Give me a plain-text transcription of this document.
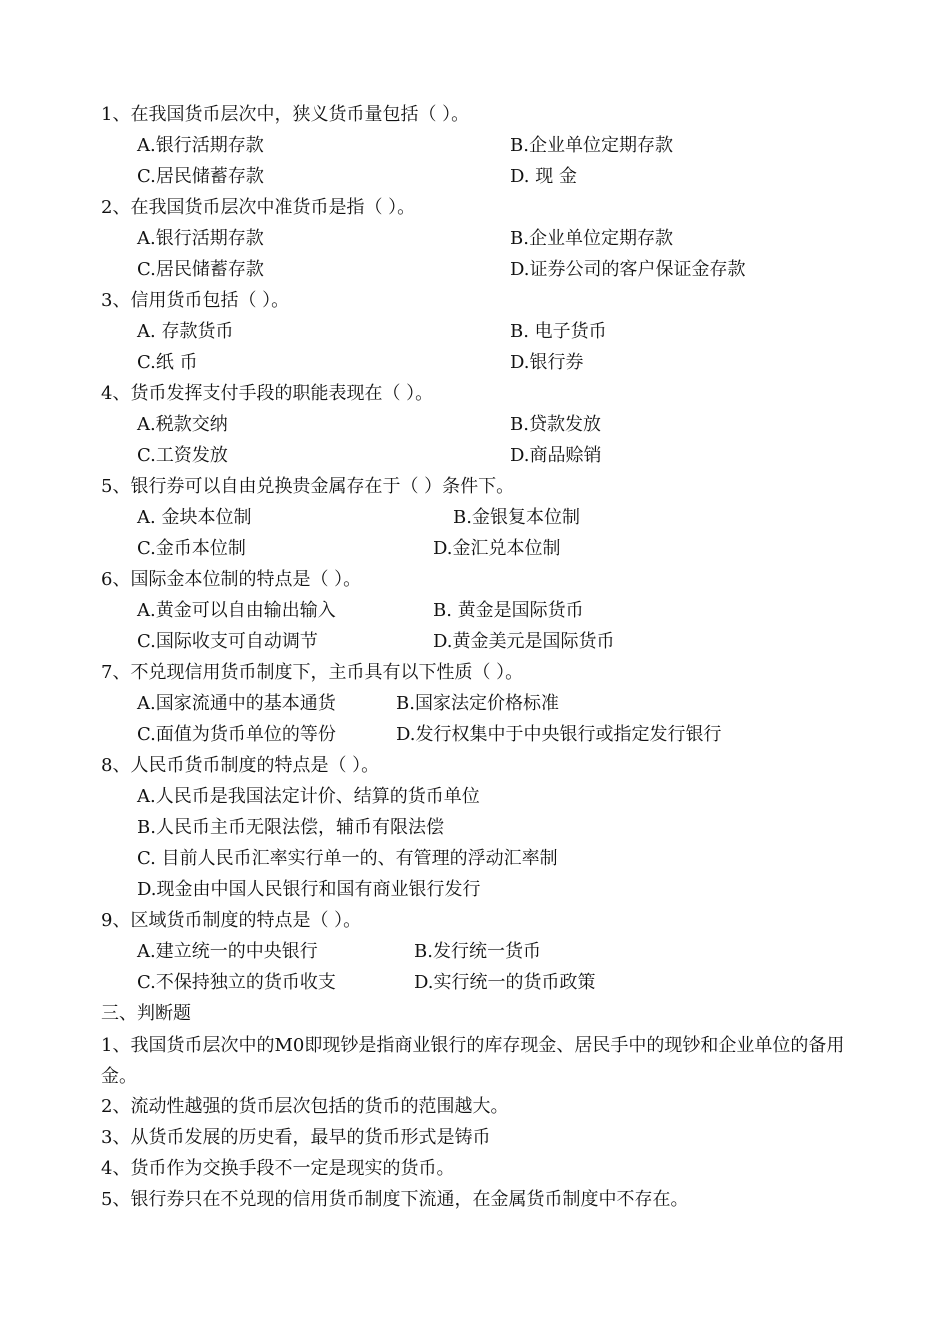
1、在我国货币层次中，狭义货币量包括（ ）。
A.银行活期存款	B.企业单位定期存款
C.居民储蓄存款	D. 现 金
2、在我国货币层次中准货币是指（ ）。
A.银行活期存款	B.企业单位定期存款
C.居民储蓄存款	D.证券公司的客户保证金存款
3、信用货币包括（ ）。
A. 存款货币	B. 电子货币
C.纸 币	D.银行券
4、货币发挥支付手段的职能表现在（ ）。
A.税款交纳	B.贷款发放
C.工资发放	D.商品赊销
5、银行券可以自由兑换贵金属存在于（ ）条件下。
A. 金块本位制	B.金银复本位制
C.金币本位制	D.金汇兑本位制
6、国际金本位制的特点是（ ）。
A.黄金可以自由输出输入	B. 黄金是国际货币
C.国际收支可自动调节	D.黄金美元是国际货币
7、不兑现信用货币制度下，主币具有以下性质（ ）。
A.国家流通中的基本通货	B.国家法定价格标准
C.面值为货币单位的等份	D.发行权集中于中央银行或指定发行银行
8、人民币货币制度的特点是（ ）。
A.人民币是我国法定计价、结算的货币单位
B.人民币主币无限法偿，辅币有限法偿
C. 目前人民币汇率实行单一的、有管理的浮动汇率制
D.现金由中国人民银行和国有商业银行发行
9、区域货币制度的特点是（ ）。
A.建立统一的中央银行	B.发行统一货币
C.不保持独立的货币收支	D.实行统一的货币政策
三、判断题
1、我国货币层次中的M0即现钞是指商业银行的库存现金、居民手中的现钞和企业单位的备用金。
2、流动性越强的货币层次包括的货币的范围越大。
3、从货币发展的历史看，最早的货币形式是铸币
4、货币作为交换手段不一定是现实的货币。
5、银行券只在不兑现的信用货币制度下流通，在金属货币制度中不存在。
